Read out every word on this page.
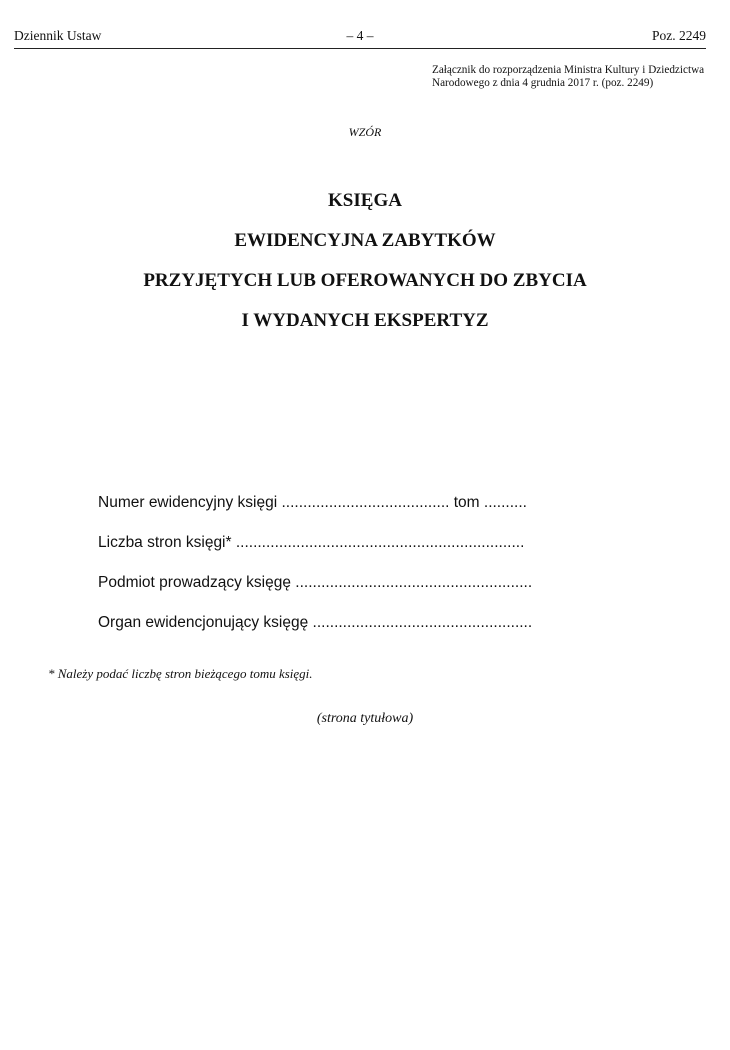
Dziennik Ustaw	– 4 –	Poz. 2249
Załącznik do rozporządzenia Ministra Kultury i Dziedzictwa
Narodowego z dnia 4 grudnia 2017 r. (poz. 2249)
WZÓR
KSIĘGA
EWIDENCYJNA ZABYTKÓW
PRZYJĘTYCH LUB OFEROWANYCH DO ZBYCIA
I WYDANYCH EKSPERTYZ
Numer ewidencyjny księgi ....................................... tom ..........
Liczba stron księgi* ...................................................................
Podmiot prowadzący księgę .......................................................
Organ ewidencjonujący księgę ...................................................
* Należy podać liczbę stron bieżącego tomu księgi.
(strona tytułowa)
